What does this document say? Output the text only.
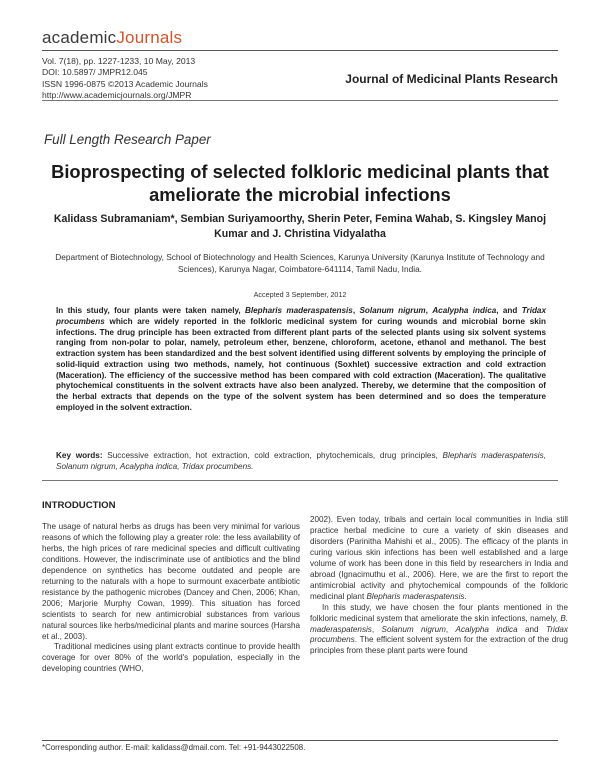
academicJournals
Vol. 7(18), pp. 1227-1233, 10 May, 2013
DOI: 10.5897/ JMPR12.045
ISSN 1996-0875 ©2013 Academic Journals
http://www.academicjournals.org/JMPR
Journal of Medicinal Plants Research
Full Length Research Paper
Bioprospecting of selected folkloric medicinal plants that ameliorate the microbial infections
Kalidass Subramaniam*, Sembian Suriyamoorthy, Sherin Peter, Femina Wahab, S. Kingsley Manoj Kumar and J. Christina Vidyalatha
Department of Biotechnology, School of Biotechnology and Health Sciences, Karunya University (Karunya Institute of Technology and Sciences), Karunya Nagar, Coimbatore-641114, Tamil Nadu, India.
Accepted 3 September, 2012
In this study, four plants were taken namely, Blepharis maderaspatensis, Solanum nigrum, Acalypha indica, and Tridax procumbens which are widely reported in the folkloric medicinal system for curing wounds and microbial borne skin infections. The drug principle has been extracted from different plant parts of the selected plants using six solvent systems ranging from non-polar to polar, namely, petroleum ether, benzene, chloroform, acetone, ethanol and methanol. The best extraction system has been standardized and the best solvent identified using different solvents by employing the principle of solid-liquid extraction using two methods, namely, hot continuous (Soxhlet) successive extraction and cold extraction (Maceration). The efficiency of the successive method has been compared with cold extraction (Maceration). The qualitative phytochemical constituents in the solvent extracts have also been analyzed. Thereby, we determine that the composition of the herbal extracts that depends on the type of the solvent system has been determined and so does the temperature employed in the solvent extraction.
Key words: Successive extraction, hot extraction, cold extraction, phytochemicals, drug principles, Blepharis maderaspatensis, Solanum nigrum, Acalypha indica, Tridax procumbens.
INTRODUCTION

The usage of natural herbs as drugs has been very minimal for various reasons of which the following play a greater role: the less availability of herbs, the high prices of rare medicinal species and difficult cultivating conditions. However, the indiscriminate use of antibiotics and the blind dependence on synthetics has become outdated and people are returning to the naturals with a hope to surmount exacerbate antibiotic resistance by the pathogenic microbes (Dancey and Chen, 2006; Khan, 2006; Marjorie Murphy Cowan, 1999). This situation has forced scientists to search for new antimicrobial substances from various natural sources like herbs/medicinal plants and marine sources (Harsha et al., 2003).

Traditional medicines using plant extracts continue to provide health coverage for over 80% of the world's population, especially in the developing countries (WHO,

2002). Even today, tribals and certain local communities in India still practice herbal medicine to cure a variety of skin diseases and disorders (Parinitha Mahishi et al., 2005). The efficacy of the plants in curing various skin infections has been well established and a large volume of work has been done in this field by researchers in India and abroad (Ignacimuthu et al., 2006). Here, we are the first to report the antimicrobial activity and phytochemical compounds of the folkloric medicinal plant Blepharis maderaspatensis.

In this study, we have chosen the four plants mentioned in the folkloric medicinal system that ameliorate the skin infections, namely, B. maderaspatensis, Solanum nigrum, Acalypha indica and Tridax procumbens. The efficient solvent system for the extraction of the drug principles from these plant parts were found

*Corresponding author. E-mail: kalidass@dmail.com. Tel: +91-9443022508.
